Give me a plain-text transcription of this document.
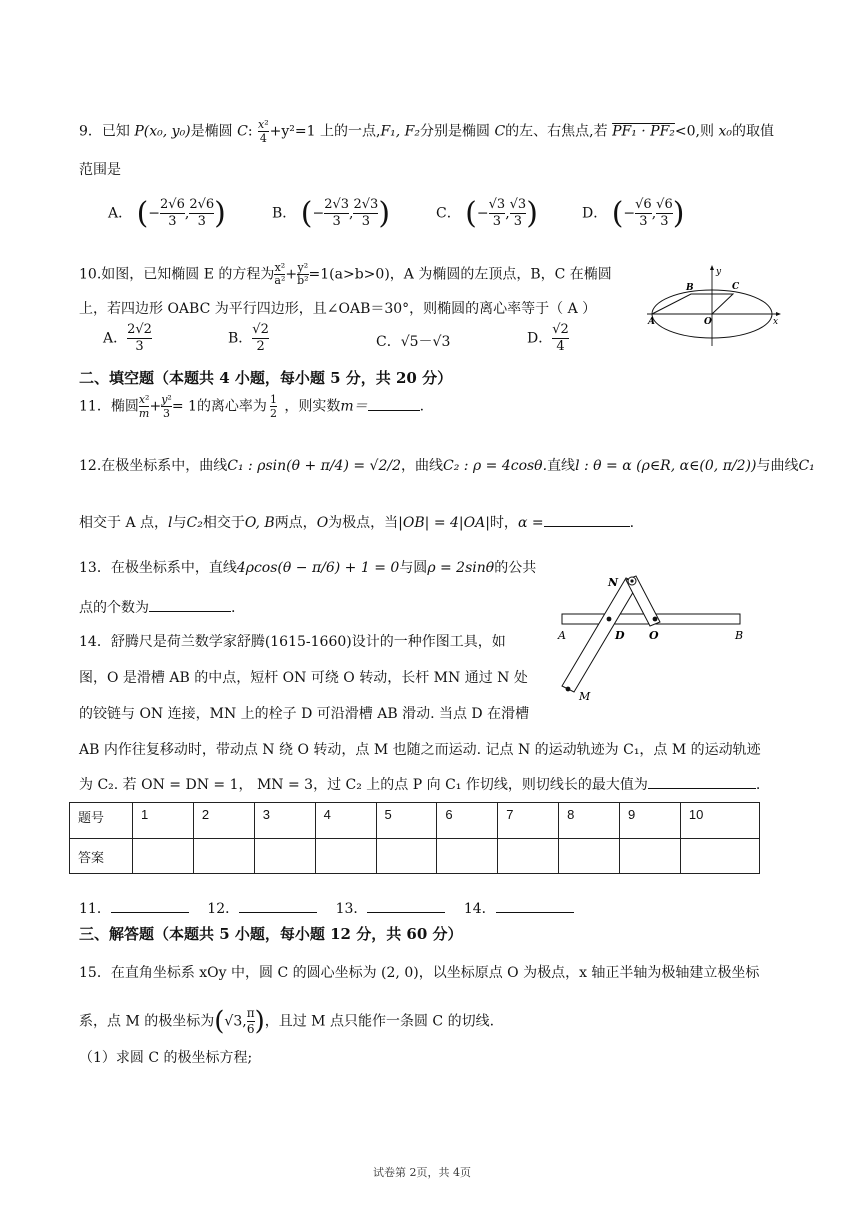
9．已知 P(x₀, y₀)是椭圆 C: $\frac{\text{x²}}{4} +y^2=1$ 上的一点,F₁, F₂分别是椭圆 C的左、右焦点,若 PF₁ · PF₂<0,则 x₀的取值
范围是
A． (− $\frac{2√6}{3}$ , $\frac{2√6}{3}$ )	B． (− $\frac{2√3}{3}$ , $\frac{2√3}{3}$ )	C． (− $\frac{√3}{3}$ , $\frac{√3}{3}$ )	D． (− $\frac{√6}{3}$ , $\frac{√6}{3}$ )
10.如图，已知椭圆 E 的方程为 $\frac{\text{x²}}{\text{a²}} + \frac{\text{y²}}{\text{b²}} =1(a>b>0)$，A 为椭圆的左顶点，B，C 在椭圆
上，若四边形 OABC 为平行四边形，且∠OAB＝30°，则椭圆的离心率等于（ A ）
A． $\frac{2√2}{3}$	B． $\frac{√2}{2}$	C．√5－√3	D． $\frac{√2}{4}$
y
B	C
A	O	x
二、填空题（本题共 4 小题，每小题 5 分，共 20 分）
11．椭圆 $\frac{\text{x²}}{m} + \frac{\text{y²}}{3} = 1$的离心率为 $\frac{1}{2}$ ，则实数m＝	.
12.在极坐标系中，曲线C₁ : ρsin(θ + π/4) = √2/2，曲线C₂ : ρ = 4cosθ.直线l : θ = α (ρ∈R, α∈(0, π/2))与曲线C₁
相交于 A 点，l与C₂相交于O, B两点，O为极点，当|OB| = 4|OA|时，α =	.
13．在极坐标系中，直线4ρcos(θ − π/6) + 1 = 0与圆ρ = 2sinθ的公共
点的个数为	.
14．舒腾尺是荷兰数学家舒腾(1615-1660)设计的一种作图工具，如
图，O 是滑槽 AB 的中点，短杆 ON 可绕 O 转动，长杆 MN 通过 N 处
的铰链与 ON 连接，MN 上的栓子 D 可沿滑槽 AB 滑动. 当点 D 在滑槽
AB 内作往复移动时，带动点 N 绕 O 转动，点 M 也随之而运动. 记点 N 的运动轨迹为 C₁，点 M 的运动轨迹
为 C₂. 若 ON = DN = 1， MN = 3，过 C₂ 上的点 P 向 C₁ 作切线，则切线长的最大值为	.
N
A	D O	B
M
题号	1	2	3	4	5	6	7	8	9	10
答案										
11．	12．	13．	14．
三、解答题（本题共 5 小题，每小题 12 分，共 60 分）
15．在直角坐标系 xOy 中，圆 C 的圆心坐标为 (2, 0)，以坐标原点 O 为极点，x 轴正半轴为极轴建立极坐标
系，点 M 的极坐标为(√3, $\frac{\pi}{6}$ )，且过 M 点只能作一条圆 C 的切线.
（1）求圆 C 的极坐标方程;
试卷第 2页，共 4页
